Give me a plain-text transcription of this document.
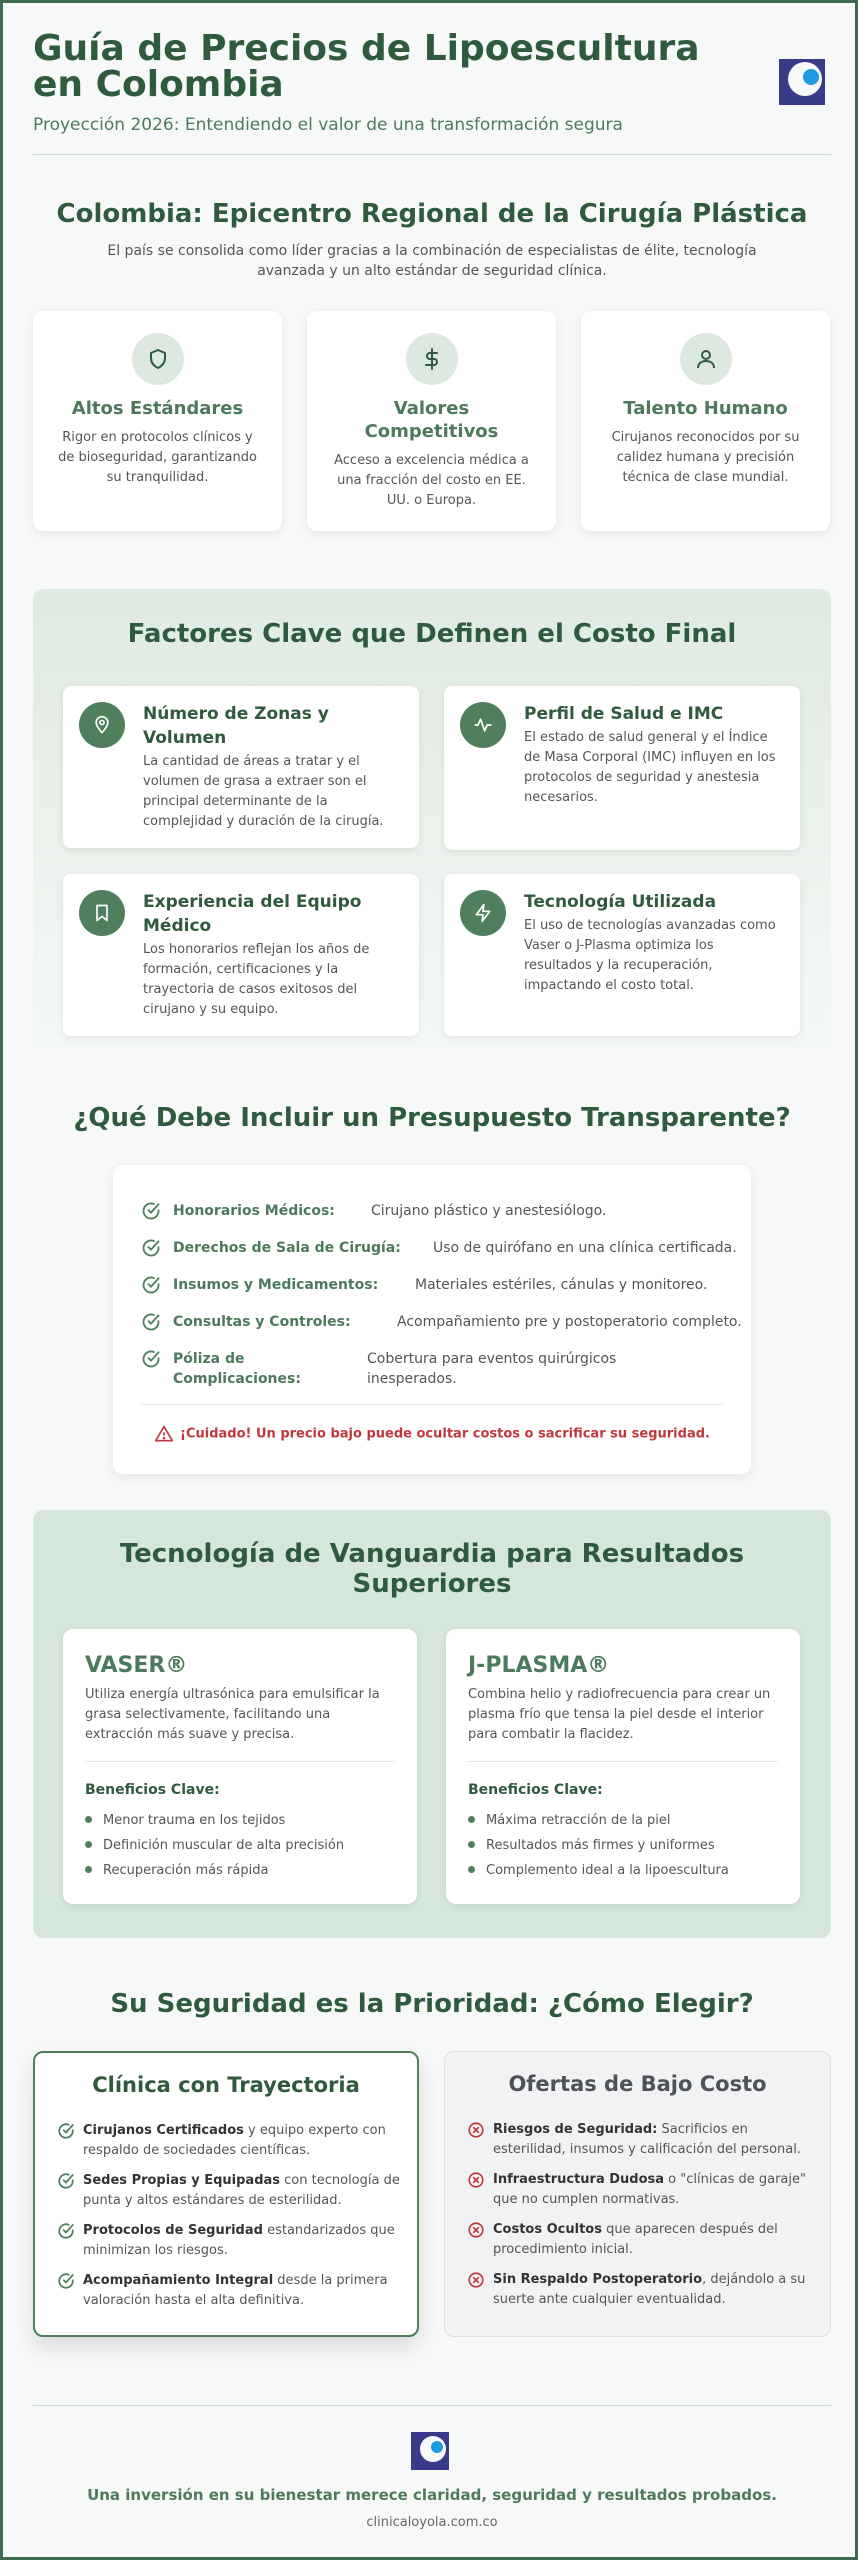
Guía de Precios de Lipoescultura en Colombia
Proyección 2026: Entendiendo el valor de una transformación segura
Colombia: Epicentro Regional de la Cirugía Plástica
El país se consolida como líder gracias a la combinación de especialistas de élite, tecnología avanzada y un alto estándar de seguridad clínica.
Altos Estándares
Rigor en protocolos clínicos y de bioseguridad, garantizando su tranquilidad.
Valores Competitivos
Acceso a excelencia médica a una fracción del costo en EE. UU. o Europa.
Talento Humano
Cirujanos reconocidos por su calidez humana y precisión técnica de clase mundial.
Factores Clave que Definen el Costo Final
Número de Zonas y Volumen
La cantidad de áreas a tratar y el volumen de grasa a extraer son el principal determinante de la complejidad y duración de la cirugía.
Perfil de Salud e IMC
El estado de salud general y el Índice de Masa Corporal (IMC) influyen en los protocolos de seguridad y anestesia necesarios.
Experiencia del Equipo Médico
Los honorarios reflejan los años de formación, certificaciones y la trayectoria de casos exitosos del cirujano y su equipo.
Tecnología Utilizada
El uso de tecnologías avanzadas como Vaser o J-Plasma optimiza los resultados y la recuperación, impactando el costo total.
¿Qué Debe Incluir un Presupuesto Transparente?
Honorarios Médicos:	Cirujano plástico y anestesiólogo.
Derechos de Sala de Cirugía: Uso de quirófano en una clínica certificada.
Insumos y Medicamentos:	Materiales estériles, cánulas y monitoreo.
Consultas y Controles:	Acompañamiento pre y postoperatorio completo.
Póliza de
Complicaciones:
Cobertura para eventos quirúrgicos
inesperados.
¡Cuidado! Un precio bajo puede ocultar costos o sacrificar su seguridad.
Tecnología de Vanguardia para Resultados Superiores
VASER®
Utiliza energía ultrasónica para emulsificar la grasa selectivamente, facilitando una extracción más suave y precisa.
Beneficios Clave:
Menor trauma en los tejidos
Definición muscular de alta precisión
Recuperación más rápida
J-PLASMA®
Combina helio y radiofrecuencia para crear un plasma frío que tensa la piel desde el interior para combatir la flacidez.
Beneficios Clave:
Máxima retracción de la piel
Resultados más firmes y uniformes
Complemento ideal a la lipoescultura
Su Seguridad es la Prioridad: ¿Cómo Elegir?
Clínica con Trayectoria
Cirujanos Certificados y equipo experto con respaldo de sociedades científicas.
Sedes Propias y Equipadas con tecnología de punta y altos estándares de esterilidad.
Protocolos de Seguridad estandarizados que minimizan los riesgos.
Acompañamiento Integral desde la primera valoración hasta el alta definitiva.
Ofertas de Bajo Costo
Riesgos de Seguridad: Sacrificios en esterilidad, insumos y calificación del personal.
Infraestructura Dudosa o "clínicas de garaje" que no cumplen normativas.
Costos Ocultos que aparecen después del procedimiento inicial.
Sin Respaldo Postoperatorio, dejándolo a su suerte ante cualquier eventualidad.
Una inversión en su bienestar merece claridad, seguridad y resultados probados.
clinicaloyola.com.co
